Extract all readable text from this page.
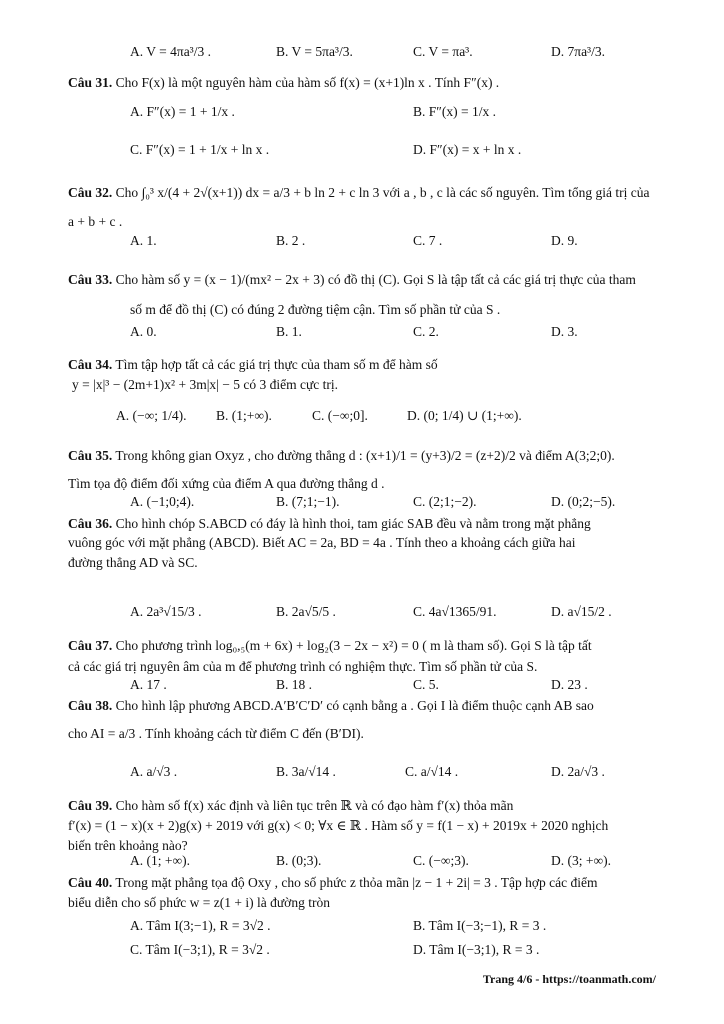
A. V = 4πa³/3 .	B. V = 5πa³/3.	C. V = πa³.	D. 7πa³/3.
Câu 31. Cho F(x) là một nguyên hàm của hàm số f(x) = (x+1)ln x . Tính F″(x) .
A. F″(x) = 1 + 1/x .	B. F″(x) = 1/x .
C. F″(x) = 1 + 1/x + ln x .	D. F″(x) = x + ln x .
Câu 32. Cho ∫₀³ x/(4 + 2√(x+1)) dx = a/3 + b ln 2 + c ln 3 với a , b , c là các số nguyên. Tìm tổng giá trị của
a + b + c .
A. 1.	B. 2 .	C. 7 .	D. 9.
Câu 33. Cho hàm số y = (x − 1)/(mx² − 2x + 3) có đồ thị (C). Gọi S là tập tất cả các giá trị thực của tham
số m để đồ thị (C) có đúng 2 đường tiệm cận. Tìm số phần tử của S .
A. 0.	B. 1.	C. 2.	D. 3.
Câu 34. Tìm tập hợp tất cả các giá trị thực của tham số m để hàm số
y = |x|³ − (2m+1)x² + 3m|x| − 5 có 3 điểm cực trị.
A. (−∞; 1/4). B. (1;+∞).	C. (−∞;0].	D. (0; 1/4) ∪ (1;+∞).
Câu 35. Trong không gian Oxyz , cho đường thẳng d : (x+1)/1 = (y+3)/2 = (z+2)/2 và điểm A(3;2;0).
Tìm tọa độ điểm đối xứng của điểm A qua đường thẳng d .
A. (−1;0;4).	B. (7;1;−1).	C. (2;1;−2).	D. (0;2;−5).
Câu 36. Cho hình chóp S.ABCD có đáy là hình thoi, tam giác SAB đều và nằm trong mặt phẳng
vuông góc với mặt phẳng (ABCD). Biết AC = 2a, BD = 4a . Tính theo a khoảng cách giữa hai
đường thẳng AD và SC.
A. 2a³√15/3 .	B. 2a√5/5 .	C. 4a√1365/91.	D. a√15/2 .
Câu 37. Cho phương trình log₀,₅(m + 6x) + log₂(3 − 2x − x²) = 0 ( m là tham số). Gọi S là tập tất
cả các giá trị nguyên âm của m để phương trình có nghiệm thực. Tìm số phần tử của S.
A. 17 .	B. 18 .	C. 5.	D. 23 .
Câu 38. Cho hình lập phương ABCD.A′B′C′D′ có cạnh bằng a . Gọi I là điểm thuộc cạnh AB sao
cho AI = a/3 . Tính khoảng cách từ điểm C đến (B′DI).
A. a/√3 .	B. 3a/√14 .	C. a/√14 .	D. 2a/√3 .
Câu 39. Cho hàm số f(x) xác định và liên tục trên ℝ và có đạo hàm f′(x) thỏa mãn
f′(x) = (1 − x)(x + 2)g(x) + 2019 với g(x) < 0; ∀x ∈ ℝ . Hàm số y = f(1 − x) + 2019x + 2020 nghịch
biến trên khoảng nào?
A. (1; +∞).	B. (0;3).	C. (−∞;3).	D. (3; +∞).
Câu 40. Trong mặt phẳng tọa độ Oxy , cho số phức z thỏa mãn |z − 1 + 2i| = 3 . Tập hợp các điểm
biểu diễn cho số phức w = z(1 + i) là đường tròn
A. Tâm I(3;−1), R = 3√2 .	B. Tâm I(−3;−1), R = 3 .
C. Tâm I(−3;1), R = 3√2 .	D. Tâm I(−3;1), R = 3 .
Trang 4/6 - https://toanmath.com/
